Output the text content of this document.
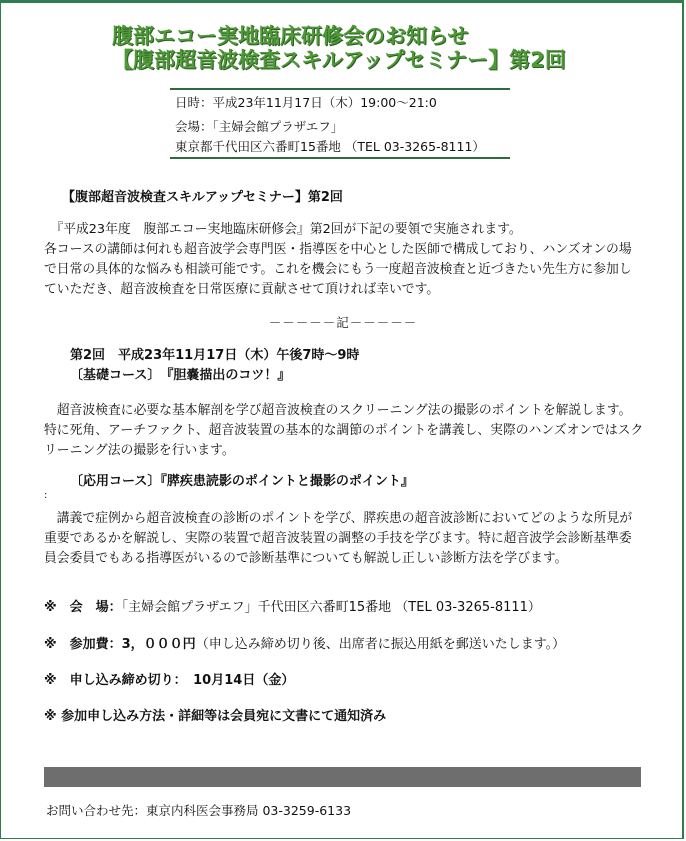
腹部エコー実地臨床研修会のお知らせ
【腹部超音波検査スキルアップセミナー】第2回
日時：平成23年11月17日（木）19:00～21:0
会場：「主婦会館プラザエフ」
東京都千代田区六番町15番地 （TEL 03-3265-8111）
【腹部超音波検査スキルアップセミナー】第2回

　『平成23年度　腹部エコー実地臨床研修会』第2回が下記の要領で実施されます。

各コースの講師は何れも超音波学会専門医・指導医を中心とした医師で構成しており、ハンズオンの場で日常の具体的な悩みも相談可能です。これを機会にもう一度超音波検査と近づきたい先生方に参加していただき、超音波検査を日常医療に貢献させて頂ければ幸いです。

－－－－－記－－－－－
第2回　平成23年11月17日（木）午後7時～9時
〔基礎コース〕　『胆嚢描出のコツ！』
　超音波検査に必要な基本解剖を学び超音波検査のスクリーニング法の撮影のポイントを解説します。特に死角、アーチファクト、超音波装置の基本的な調節のポイントを講義し、実際のハンズオンではスクリーニング法の撮影を行います。
〔応用コース〕『膵疾患読影のポイントと撮影のポイント』
:
　講義で症例から超音波検査の診断のポイントを学び、膵疾患の超音波診断においてどのような所見が重要であるかを解説し、実際の装置で超音波装置の調整の手技を学びます。特に超音波学会診断基準委員会委員でもある指導医がいるので診断基準についても解説し正しい診断方法を学びます。
※　会　場：「主婦会館プラザエフ」千代田区六番町15番地 （TEL 03-3265-8111）
※　参加費：3，０００円（申し込み締め切り後、出席者に振込用紙を郵送いたします。）
※　申し込み締め切り：　10月14日（金）
※ 参加申し込み方法・詳細等は会員宛に文書にて通知済み
お問い合わせ先：東京内科医会事務局 03-3259-6133
